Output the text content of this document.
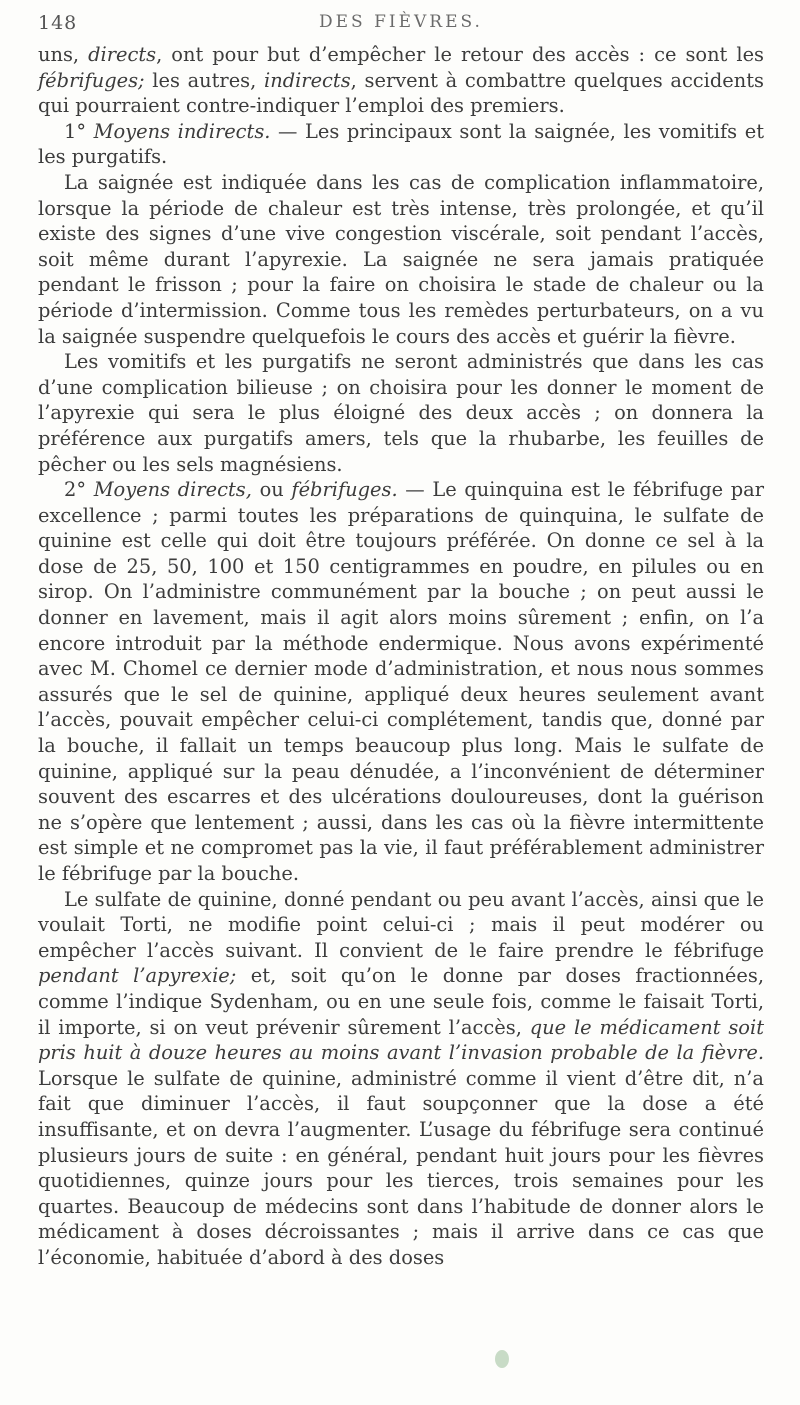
148	DES FIÈVRES.

uns, directs, ont pour but d’empêcher le retour des accès : ce sont les fébrifuges; les autres, indirects, servent à combattre quelques accidents qui pourraient contre-indiquer l’emploi des premiers.

1° Moyens indirects. — Les principaux sont la saignée, les vomitifs et les purgatifs.

La saignée est indiquée dans les cas de complication inflammatoire, lorsque la période de chaleur est très intense, très prolongée, et qu’il existe des signes d’une vive congestion viscérale, soit pendant l’accès, soit même durant l’apyrexie. La saignée ne sera jamais pratiquée pendant le frisson ; pour la faire on choisira le stade de chaleur ou la période d’intermission. Comme tous les remèdes perturbateurs, on a vu la saignée suspendre quelquefois le cours des accès et guérir la fièvre.

Les vomitifs et les purgatifs ne seront administrés que dans les cas d’une complication bilieuse ; on choisira pour les donner le moment de l’apyrexie qui sera le plus éloigné des deux accès ; on donnera la préférence aux purgatifs amers, tels que la rhubarbe, les feuilles de pêcher ou les sels magnésiens.

2° Moyens directs, ou fébrifuges. — Le quinquina est le fébrifuge par excellence ; parmi toutes les préparations de quinquina, le sulfate de quinine est celle qui doit être toujours préférée. On donne ce sel à la dose de 25, 50, 100 et 150 centigrammes en poudre, en pilules ou en sirop. On l’administre communément par la bouche ; on peut aussi le donner en lavement, mais il agit alors moins sûrement ; enfin, on l’a encore introduit par la méthode endermique. Nous avons expérimenté avec M. Chomel ce dernier mode d’administration, et nous nous sommes assurés que le sel de quinine, appliqué deux heures seulement avant l’accès, pouvait empêcher celui-ci complétement, tandis que, donné par la bouche, il fallait un temps beaucoup plus long. Mais le sulfate de quinine, appliqué sur la peau dénudée, a l’inconvénient de déterminer souvent des escarres et des ulcérations douloureuses, dont la guérison ne s’opère que lentement ; aussi, dans les cas où la fièvre intermittente est simple et ne compromet pas la vie, il faut préférablement administrer le fébrifuge par la bouche.

Le sulfate de quinine, donné pendant ou peu avant l’accès, ainsi que le voulait Torti, ne modifie point celui-ci ; mais il peut modérer ou empêcher l’accès suivant. Il convient de le faire prendre le fébrifuge pendant l’apyrexie; et, soit qu’on le donne par doses fractionnées, comme l’indique Sydenham, ou en une seule fois, comme le faisait Torti, il importe, si on veut prévenir sûrement l’accès, que le médicament soit pris huit à douze heures au moins avant l’invasion probable de la fièvre. Lorsque le sulfate de quinine, administré comme il vient d’être dit, n’a fait que diminuer l’accès, il faut soupçonner que la dose a été insuffisante, et on devra l’augmenter. L’usage du fébrifuge sera continué plusieurs jours de suite : en général, pendant huit jours pour les fièvres quotidiennes, quinze jours pour les tierces, trois semaines pour les quartes. Beaucoup de médecins sont dans l’habitude de donner alors le médicament à doses décroissantes ; mais il arrive dans ce cas que l’économie, habituée d’abord à des doses
